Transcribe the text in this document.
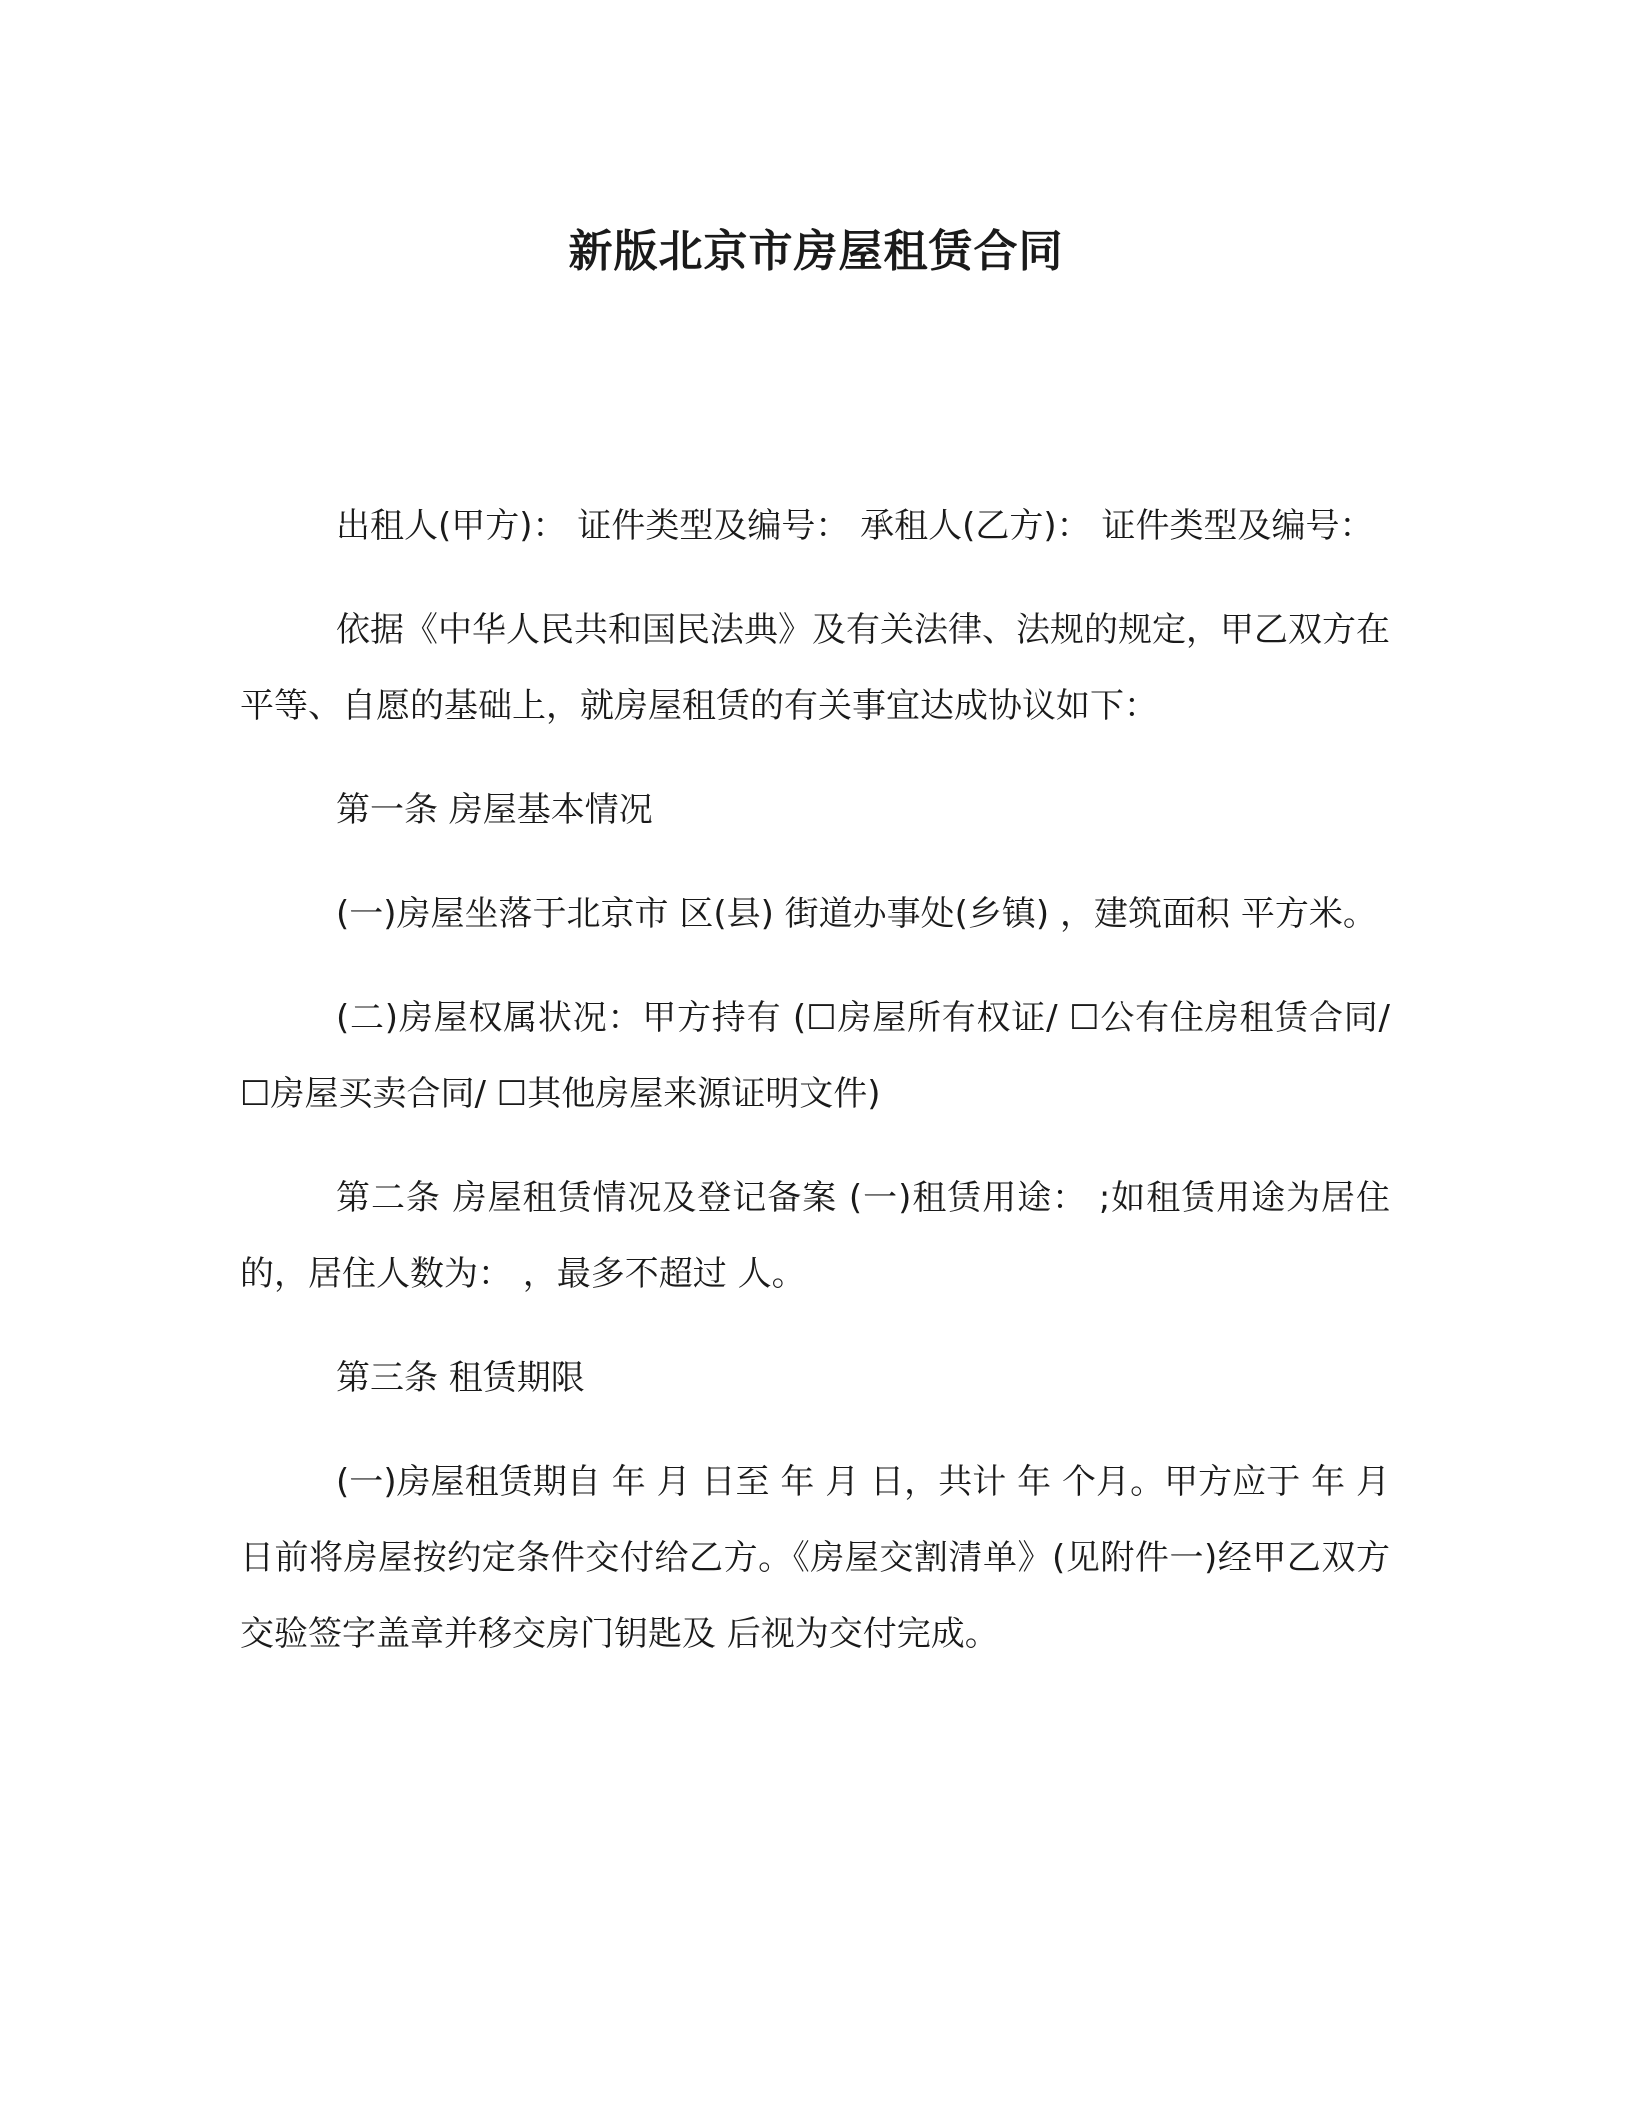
新版北京市房屋租赁合同

出租人(甲方)： 证件类型及编号： 承租人(乙方)： 证件类型及编号：

依据《中华人民共和国民法典》及有关法律、法规的规定，甲乙双方在平等、自愿的基础上，就房屋租赁的有关事宜达成协议如下：

第一条 房屋基本情况

(一)房屋坐落于北京市 区(县) 街道办事处(乡镇) ，建筑面积 平方米。

(二)房屋权属状况：甲方持有 (☐房屋所有权证/ ☐公有住房租赁合同/ ☐房屋买卖合同/ ☐其他房屋来源证明文件)

第二条 房屋租赁情况及登记备案 (一)租赁用途： ;如租赁用途为居住的，居住人数为： ，最多不超过 人。

第三条 租赁期限

(一)房屋租赁期自 年 月 日至 年 月 日，共计 年 个月。甲方应于 年 月 日前将房屋按约定条件交付给乙方。《房屋交割清单》(见附件一)经甲乙双方交验签字盖章并移交房门钥匙及 后视为交付完成。
